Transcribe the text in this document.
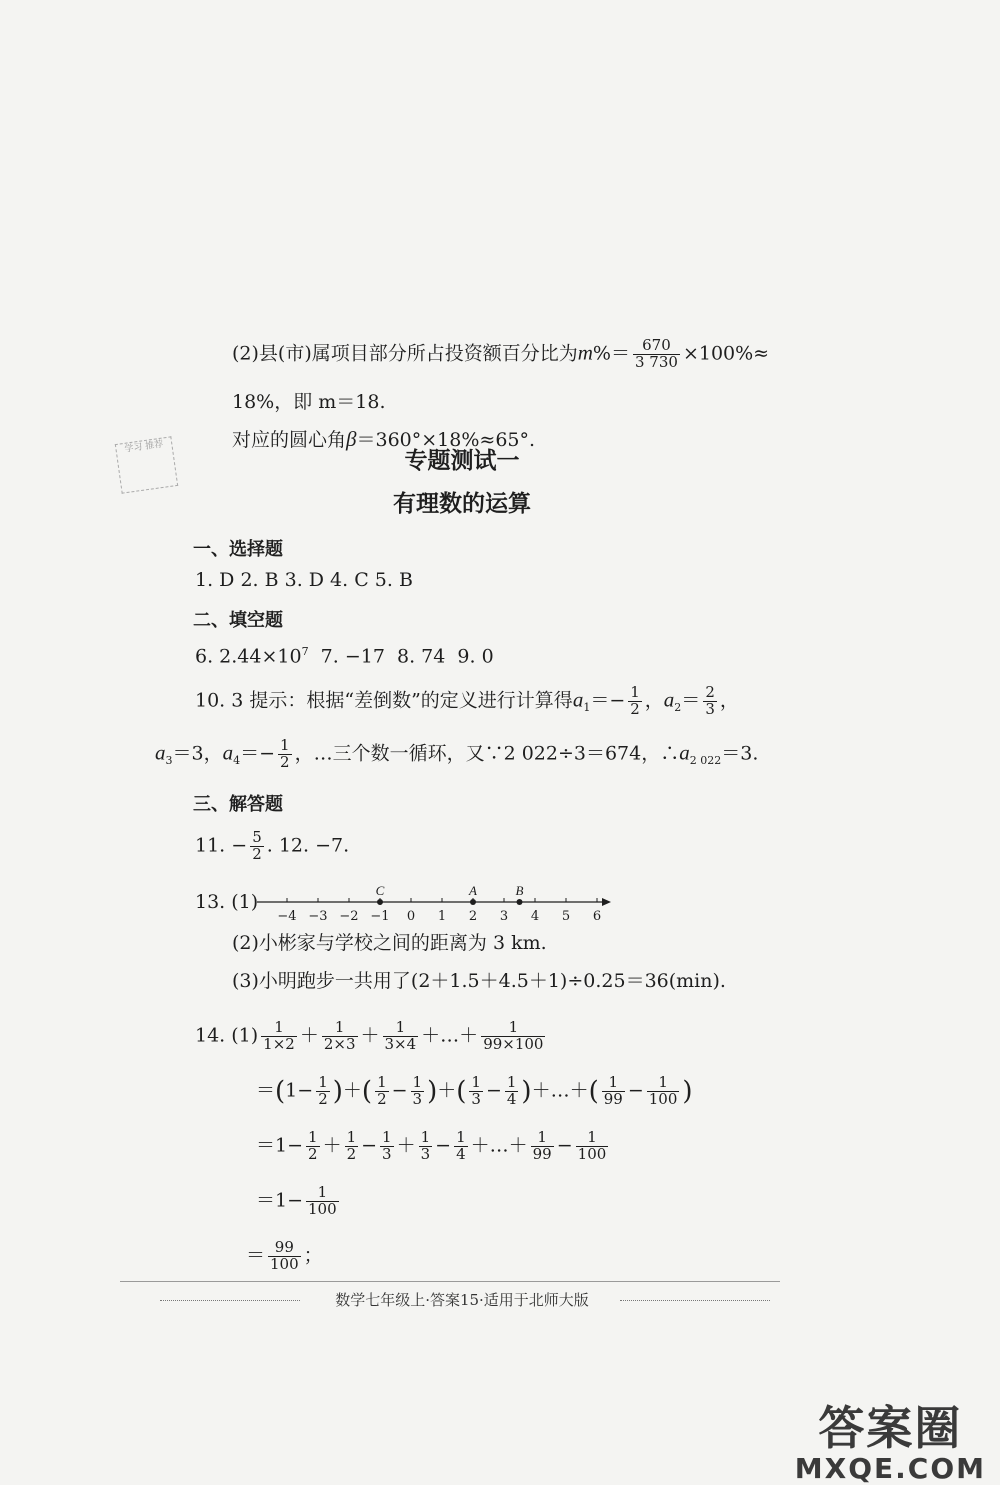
(2)县(市)属项目部分所占投资额百分比为$m\%= \frac{670}{3 730} \times 100\%\approx$
18%，即 m＝18.
对应的圆心角β＝360°×18%≈65°.
学习 推荐	专题测试一
有理数的运算
一、选择题
1. D 2. B 3. D 4. C 5. B
二、填空题
6. $2.44\times 10^7$  7. −17  8. 74  9. 0
10. 3 提示：根据“差倒数”的定义进行计算得$a_1=- \frac{1}{2}$ ，$a_2= \frac{2}{3}$ ，
$a_3=3$，$a_4=- \frac{1}{2}$ ，…三个数一循环，又∵2 022÷3＝674，$\therefore a_{2 022}=3$.
三、解答题
11. − $\frac{5}{2}$ . 12. −7.
13. (1)
−4 −3 −2 −1 0 1 2 3 4 5 6
C	A	B
(2)小彬家与学校之间的距离为 3 km.
(3)小明跑步一共用了(2＋1.5＋4.5＋1)÷0.25＝36(min).
14. $(1) \frac{1}{1\times 2} + \frac{1}{2\times 3} + \frac{1}{3\times 4}$ ＋…＋ $\frac{1}{99\times 100}$
$=(1- \frac{1}{2}$ )＋( $\frac{1}{2} - \frac{1}{3}$ )＋( $\frac{1}{3} - \frac{1}{4}$ )＋…＋( $\frac{1}{99} - \frac{1}{100}$ )
$=1- \frac{1}{2} + \frac{1}{2} - \frac{1}{3} + \frac{1}{3} - \frac{1}{4}$ ＋…＋ $\frac{1}{99} - \frac{1}{100}$
$=1- \frac{1}{100}$
＝ $\frac{99}{100}$ ；
数学七年级上·答案15·适用于北师大版
答案圈
MXQE.COM
